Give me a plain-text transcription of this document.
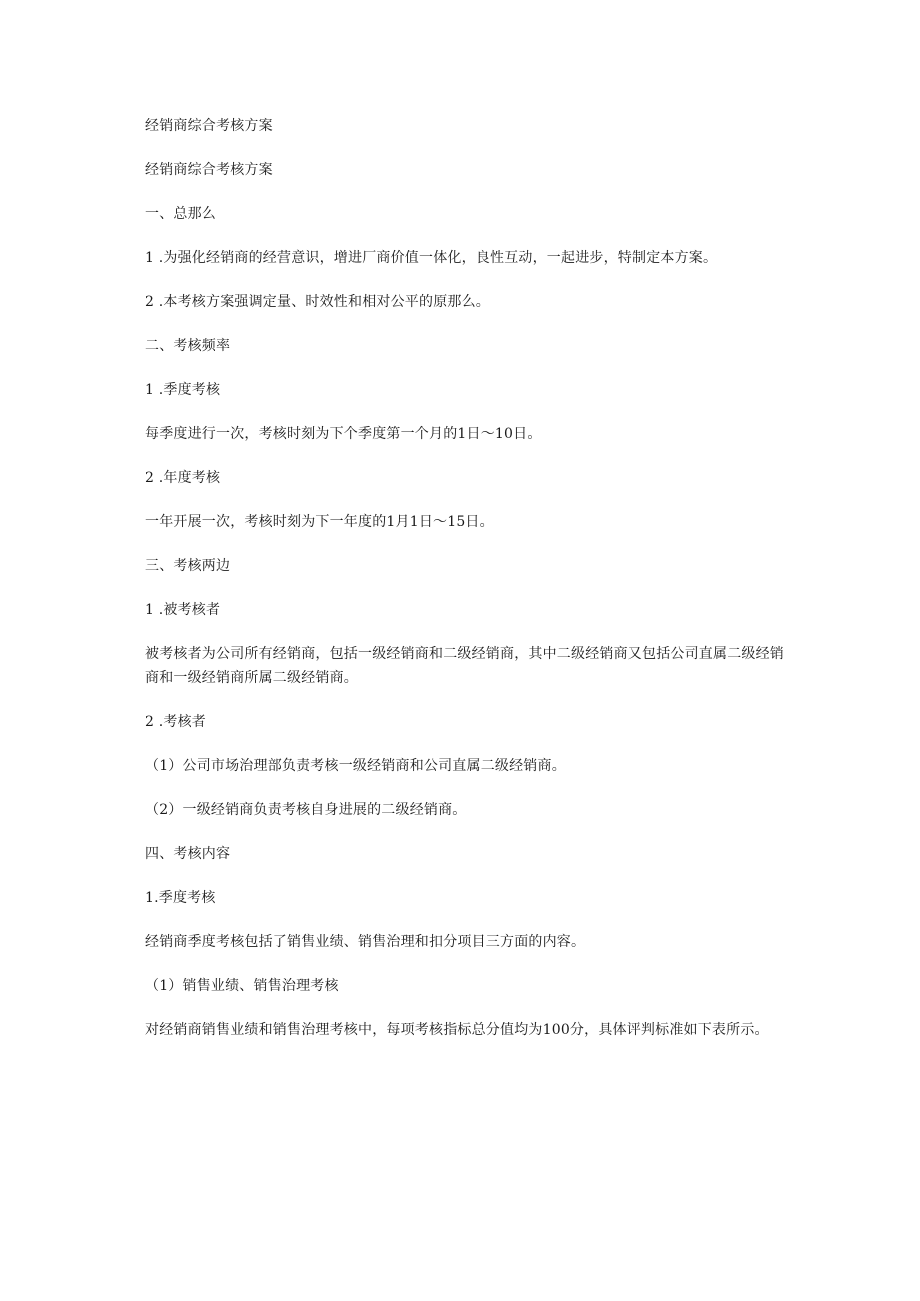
经销商综合考核方案

经销商综合考核方案

一、总那么

1 .为强化经销商的经营意识，增进厂商价值一体化，良性互动，一起进步，特制定本方案。

2 .本考核方案强调定量、时效性和相对公平的原那么。

二、考核频率

1 .季度考核

每季度进行一次，考核时刻为下个季度第一个月的1日～10日。

2 .年度考核

一年开展一次，考核时刻为下一年度的1月1日～15日。

三、考核两边

1 .被考核者

被考核者为公司所有经销商，包括一级经销商和二级经销商，其中二级经销商又包括公司直属二级经销商和一级经销商所属二级经销商。

2 .考核者

（1）公司市场治理部负责考核一级经销商和公司直属二级经销商。

（2）一级经销商负责考核自身进展的二级经销商。

四、考核内容

1.季度考核

经销商季度考核包括了销售业绩、销售治理和扣分项目三方面的内容。

（1）销售业绩、销售治理考核

对经销商销售业绩和销售治理考核中，每项考核指标总分值均为100分，具体评判标准如下表所示。
